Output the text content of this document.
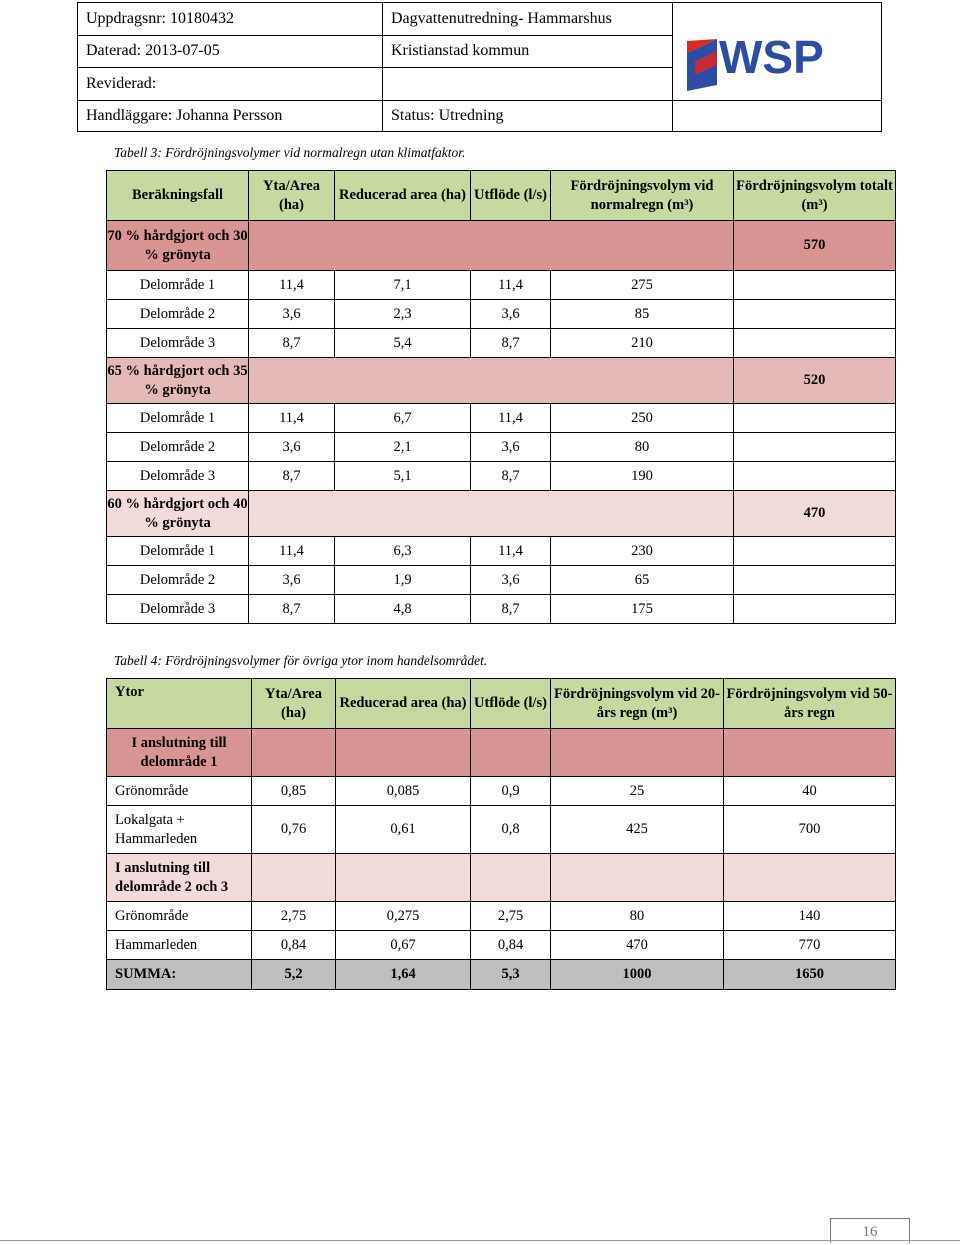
Uppdragsnr: 10180432	Dagvattenutredning- Hammarshus	WSP

Daterad: 2013-07-05	Kristianstad kommun	
Reviderad:		
Handläggare: Johanna Persson	Status: Utredning	
Tabell 3: Fördröjningsvolymer vid normalregn utan klimatfaktor.
Beräkningsfall	Yta/Area (ha)	Reducerad area (ha)	Utflöde (l/s)	Fördröjningsvolym vid normalregn (m³)	Fördröjningsvolym totalt (m³)
70 % hårdgjort och 30 % grönyta					570
Delområde 1	11,4	7,1	11,4	275	
Delområde 2	3,6	2,3	3,6	85	
Delområde 3	8,7	5,4	8,7	210	
65 % hårdgjort och 35 % grönyta					520
Delområde 1	11,4	6,7	11,4	250	
Delområde 2	3,6	2,1	3,6	80	
Delområde 3	8,7	5,1	8,7	190	
60 % hårdgjort och 40 % grönyta					470
Delområde 1	11,4	6,3	11,4	230	
Delområde 2	3,6	1,9	3,6	65	
Delområde 3	8,7	4,8	8,7	175	
Tabell 4: Fördröjningsvolymer för övriga ytor inom handelsområdet.
Ytor	Yta/Area (ha)	Reducerad area (ha)	Utflöde (l/s)	Fördröjningsvolym vid 20- års regn (m³)	Fördröjningsvolym vid 50-års regn
I anslutning till delområde 1					
Grönområde	0,85	0,085	0,9	25	40
Lokalgata + Hammarleden	0,76	0,61	0,8	425	700
I anslutning till delområde 2 och 3					
Grönområde	2,75	0,275	2,75	80	140
Hammarleden	0,84	0,67	0,84	470	770
SUMMA:	5,2	1,64	5,3	1000	1650
16
